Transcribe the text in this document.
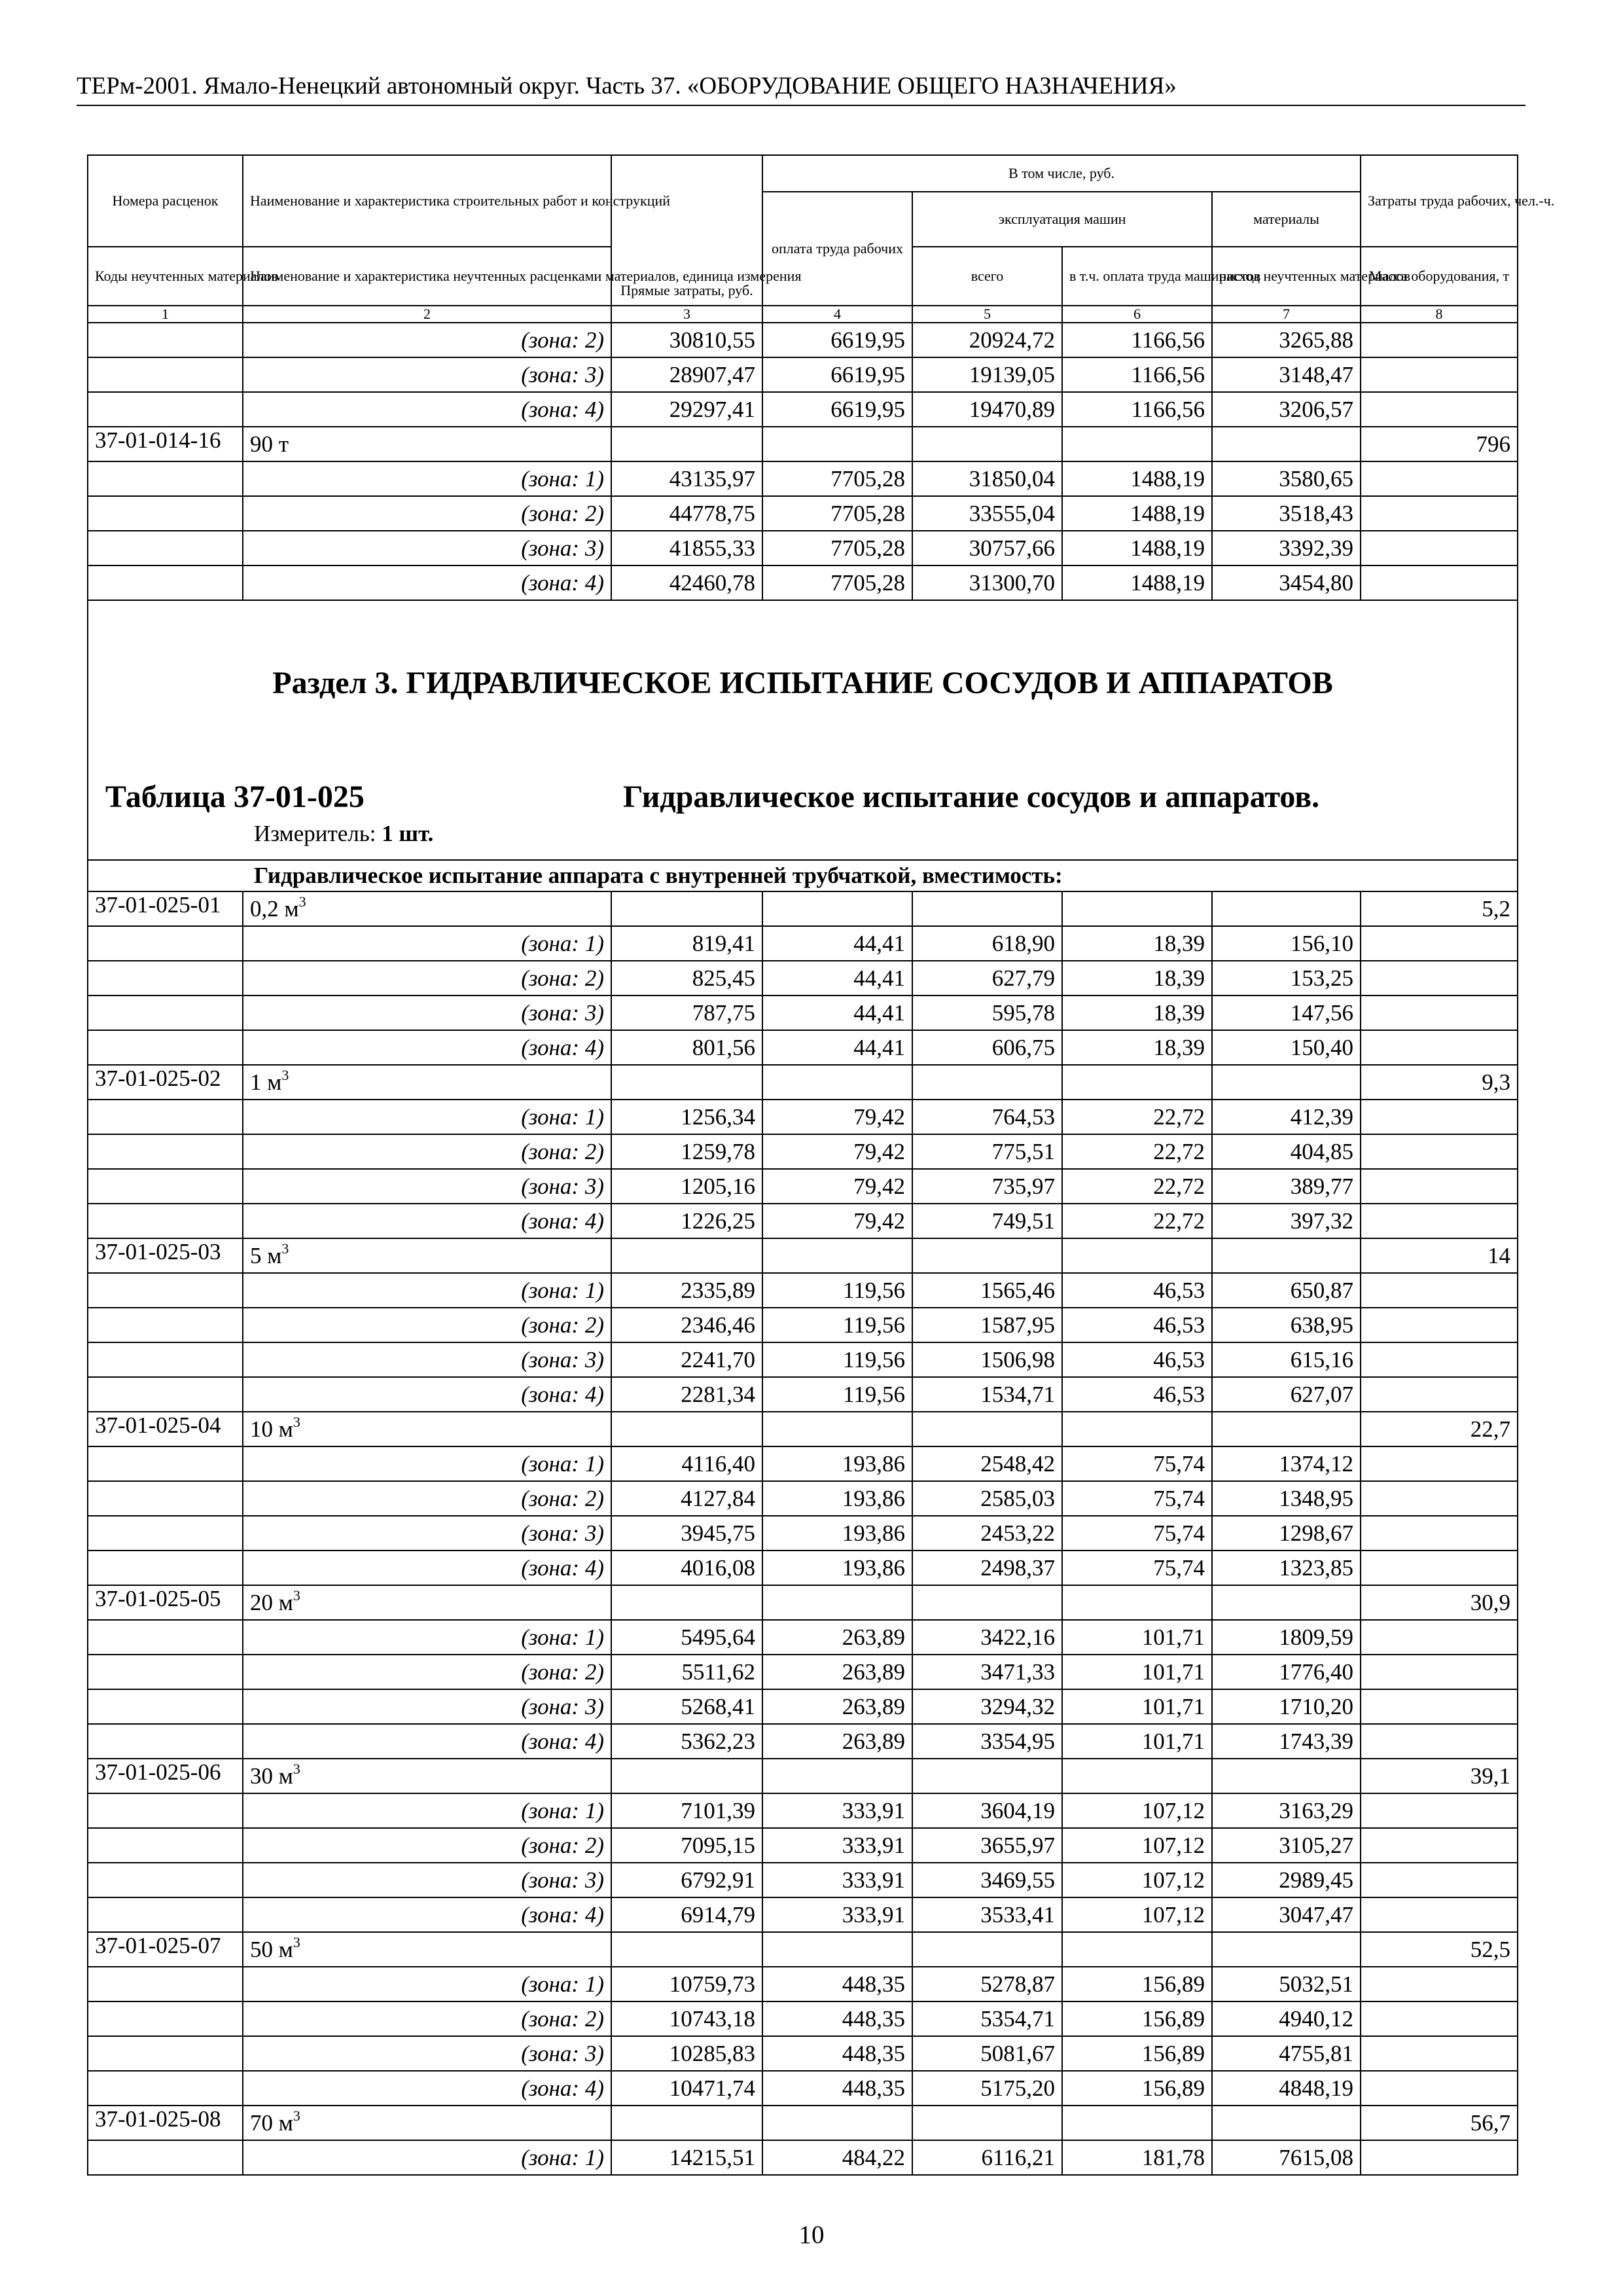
ТЕРм-2001. Ямало-Ненецкий автономный округ. Часть 37. «ОБОРУДОВАНИЕ ОБЩЕГО НАЗНАЧЕНИЯ»
Номера расценок	Наименование и характеристика строительных работ и конструкций	Прямые затраты, руб.	В том числе, руб.				Затраты труда рабочих, чел.-ч.
			оплата труда рабочих	эксплуатация машин		материалы	

Коды неучтенных материалов	Наименование и характеристика неучтенных расценками материалов, единица измерения			всего	в т.ч. оплата труда машинистов	расход неучтенных материалов	Масса оборудования, т

1	2	3	4	5	6	7	8
	(зона: 2)	30810,55	6619,95	20924,72	1166,56	3265,88	
	(зона: 3)	28907,47	6619,95	19139,05	1166,56	3148,47	
	(зона: 4)	29297,41	6619,95	19470,89	1166,56	3206,57	
37-01-014-16	90 т						796
	(зона: 1)	43135,97	7705,28	31850,04	1488,19	3580,65	
	(зона: 2)	44778,75	7705,28	33555,04	1488,19	3518,43	
	(зона: 3)	41855,33	7705,28	30757,66	1488,19	3392,39	
	(зона: 4)	42460,78	7705,28	31300,70	1488,19	3454,80	

Раздел 3. ГИДРАВЛИЧЕСКОЕ ИСПЫТАНИЕ СОСУДОВ И АППАРАТОВ
Таблица 37-01-025 Гидравлическое испытание сосудов и аппаратов.
Измеритель: 1 шт.							

Гидравлическое испытание аппарата с внутренней трубчаткой, вместимость:							
37-01-025-01	0,2 $м^3$						5,2
	(зона: 1)	819,41	44,41	618,90	18,39	156,10	
	(зона: 2)	825,45	44,41	627,79	18,39	153,25	
	(зона: 3)	787,75	44,41	595,78	18,39	147,56	
	(зона: 4)	801,56	44,41	606,75	18,39	150,40	
37-01-025-02	1 $м^3$						9,3
	(зона: 1)	1256,34	79,42	764,53	22,72	412,39	
	(зона: 2)	1259,78	79,42	775,51	22,72	404,85	
	(зона: 3)	1205,16	79,42	735,97	22,72	389,77	
	(зона: 4)	1226,25	79,42	749,51	22,72	397,32	
37-01-025-03	5 $м^3$						14
	(зона: 1)	2335,89	119,56	1565,46	46,53	650,87	
	(зона: 2)	2346,46	119,56	1587,95	46,53	638,95	
	(зона: 3)	2241,70	119,56	1506,98	46,53	615,16	
	(зона: 4)	2281,34	119,56	1534,71	46,53	627,07	
37-01-025-04	10 $м^3$						22,7
	(зона: 1)	4116,40	193,86	2548,42	75,74	1374,12	
	(зона: 2)	4127,84	193,86	2585,03	75,74	1348,95	
	(зона: 3)	3945,75	193,86	2453,22	75,74	1298,67	
	(зона: 4)	4016,08	193,86	2498,37	75,74	1323,85	
37-01-025-05	20 $м^3$						30,9
	(зона: 1)	5495,64	263,89	3422,16	101,71	1809,59	
	(зона: 2)	5511,62	263,89	3471,33	101,71	1776,40	
	(зона: 3)	5268,41	263,89	3294,32	101,71	1710,20	
	(зона: 4)	5362,23	263,89	3354,95	101,71	1743,39	
37-01-025-06	30 $м^3$						39,1
	(зона: 1)	7101,39	333,91	3604,19	107,12	3163,29	
	(зона: 2)	7095,15	333,91	3655,97	107,12	3105,27	
	(зона: 3)	6792,91	333,91	3469,55	107,12	2989,45	
	(зона: 4)	6914,79	333,91	3533,41	107,12	3047,47	
37-01-025-07	50 $м^3$						52,5
	(зона: 1)	10759,73	448,35	5278,87	156,89	5032,51	
	(зона: 2)	10743,18	448,35	5354,71	156,89	4940,12	
	(зона: 3)	10285,83	448,35	5081,67	156,89	4755,81	
	(зона: 4)	10471,74	448,35	5175,20	156,89	4848,19	
37-01-025-08	70 $м^3$						56,7
	(зона: 1)	14215,51	484,22	6116,21	181,78	7615,08	
10
